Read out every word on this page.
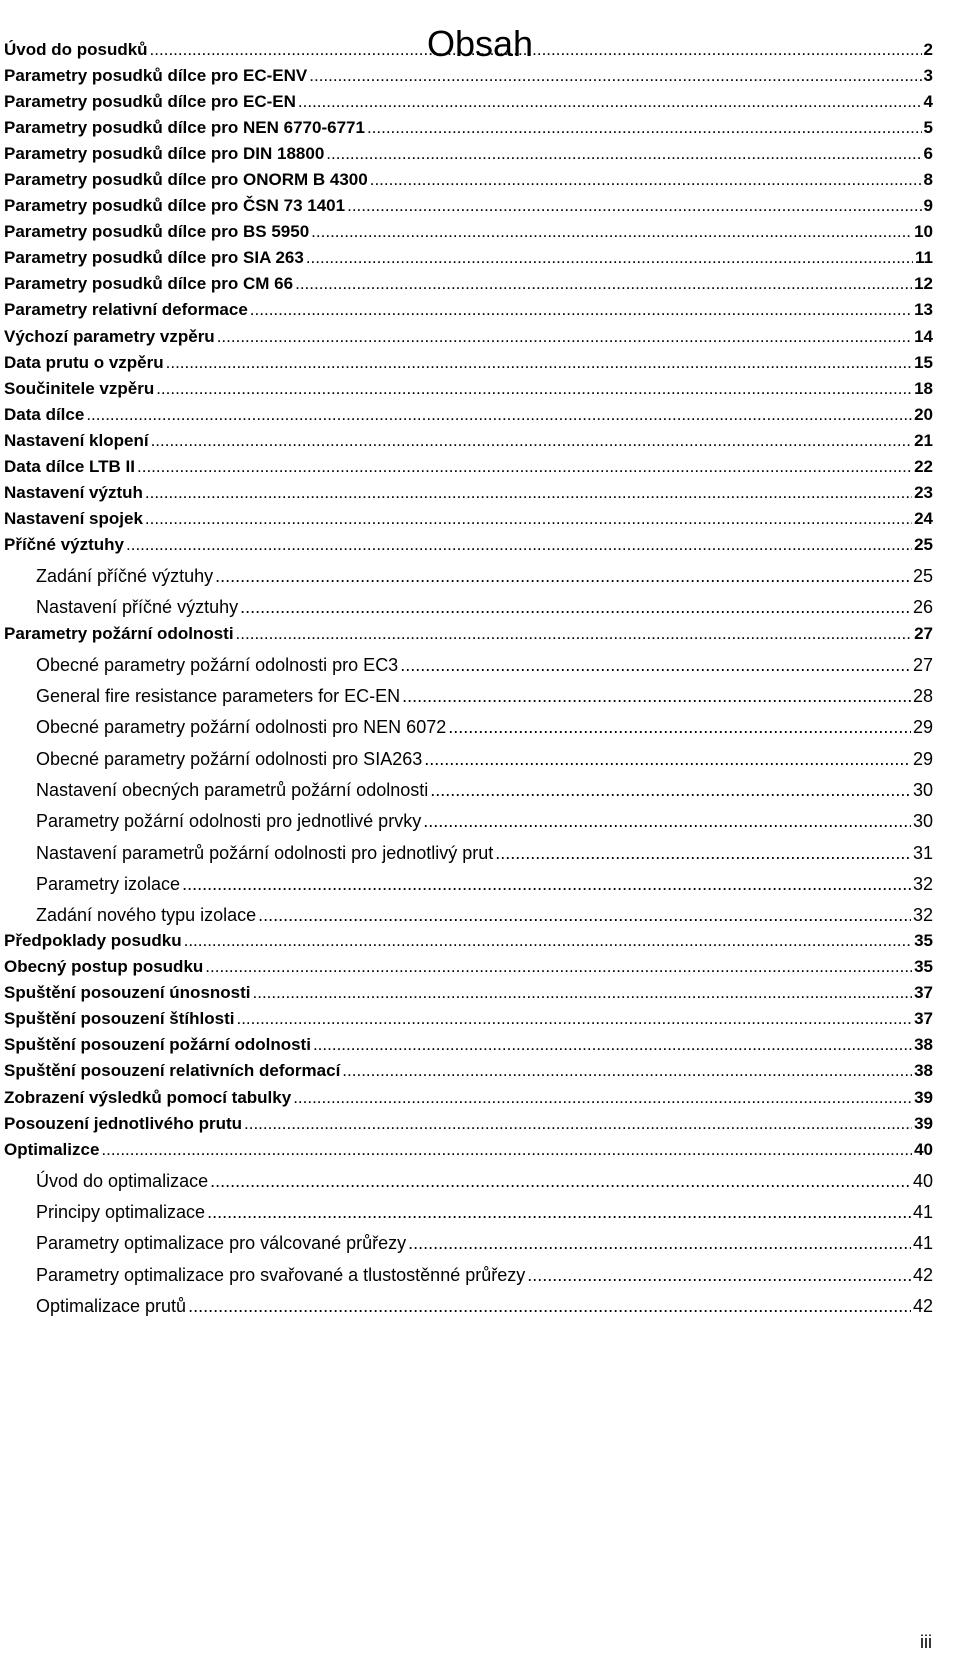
Obsah
Úvod do posudků .....	2
Parametry posudků dílce pro EC-ENV .....	3
Parametry posudků dílce pro EC-EN .....	4
Parametry posudků dílce pro NEN 6770-6771 .....	5
Parametry posudků dílce pro DIN 18800 .....	6
Parametry posudků dílce pro ONORM B 4300 .....	8
Parametry posudků dílce pro ČSN 73 1401 .....	9
Parametry posudků dílce pro BS 5950 .....	10
Parametry posudků dílce pro SIA 263 .....	11
Parametry posudků dílce pro CM 66 .....	12
Parametry relativní deformace .....	13
Výchozí parametry vzpěru .....	14
Data prutu o vzpěru .....	15
Součinitele vzpěru .....	18
Data dílce .....	20
Nastavení klopení .....	21
Data dílce LTB II .....	22
Nastavení výztuh .....	23
Nastavení spojek .....	24
Příčné výztuhy .....	25
Zadání příčné výztuhy .....	25
Nastavení příčné výztuhy .....	26
Parametry požární odolnosti .....	27
Obecné parametry požární odolnosti pro EC3 .....	27
General fire resistance parameters for EC-EN .....	28
Obecné parametry požární odolnosti pro NEN 6072 .....	29
Obecné parametry požární odolnosti pro SIA263 .....	29
Nastavení obecných parametrů požární odolnosti .....	30
Parametry požární odolnosti pro jednotlivé prvky .....	30
Nastavení parametrů požární odolnosti pro jednotlivý prut .....	31
Parametry izolace .....	32
Zadání nového typu izolace .....	32
Předpoklady posudku .....	35
Obecný postup posudku .....	35
Spuštění posouzení únosnosti .....	37
Spuštění posouzení štíhlosti .....	37
Spuštění posouzení požární odolnosti .....	38
Spuštění posouzení relativních deformací .....	38
Zobrazení výsledků pomocí tabulky .....	39
Posouzení jednotlivého prutu .....	39
Optimalizce .....	40
Úvod do optimalizace .....	40
Principy optimalizace .....	41
Parametry optimalizace pro válcované průřezy .....	41
Parametry optimalizace pro svařované a tlustostěnné průřezy .....	42
Optimalizace prutů .....	42
iii
